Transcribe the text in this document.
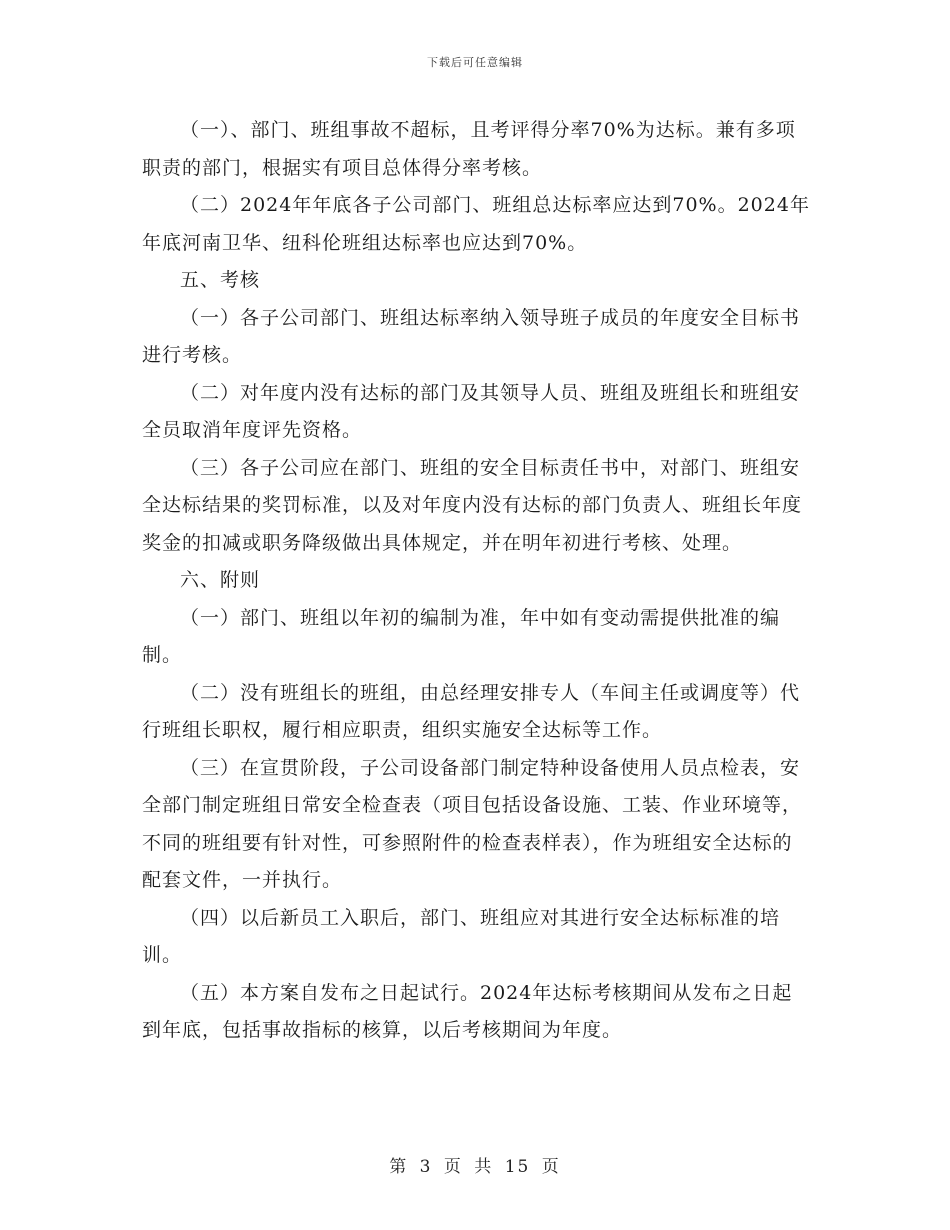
下载后可任意编辑

（一）、部门、班组事故不超标，且考评得分率70%为达标。兼有多项职责的部门，根据实有项目总体得分率考核。

（二）2024年年底各子公司部门、班组总达标率应达到70%。2024年年底河南卫华、纽科伦班组达标率也应达到70%。

五、考核

（一）各子公司部门、班组达标率纳入领导班子成员的年度安全目标书进行考核。

（二）对年度内没有达标的部门及其领导人员、班组及班组长和班组安全员取消年度评先资格。

（三）各子公司应在部门、班组的安全目标责任书中，对部门、班组安全达标结果的奖罚标准，以及对年度内没有达标的部门负责人、班组长年度奖金的扣减或职务降级做出具体规定，并在明年初进行考核、处理。

六、附则

（一）部门、班组以年初的编制为准，年中如有变动需提供批准的编制。

（二）没有班组长的班组，由总经理安排专人（车间主任或调度等）代行班组长职权，履行相应职责，组织实施安全达标等工作。

（三）在宣贯阶段，子公司设备部门制定特种设备使用人员点检表，安全部门制定班组日常安全检查表（项目包括设备设施、工装、作业环境等，不同的班组要有针对性，可参照附件的检查表样表），作为班组安全达标的配套文件，一并执行。

（四）以后新员工入职后，部门、班组应对其进行安全达标标准的培训。

（五）本方案自发布之日起试行。2024年达标考核期间从发布之日起到年底，包括事故指标的核算，以后考核期间为年度。

第 3 页 共 15 页
